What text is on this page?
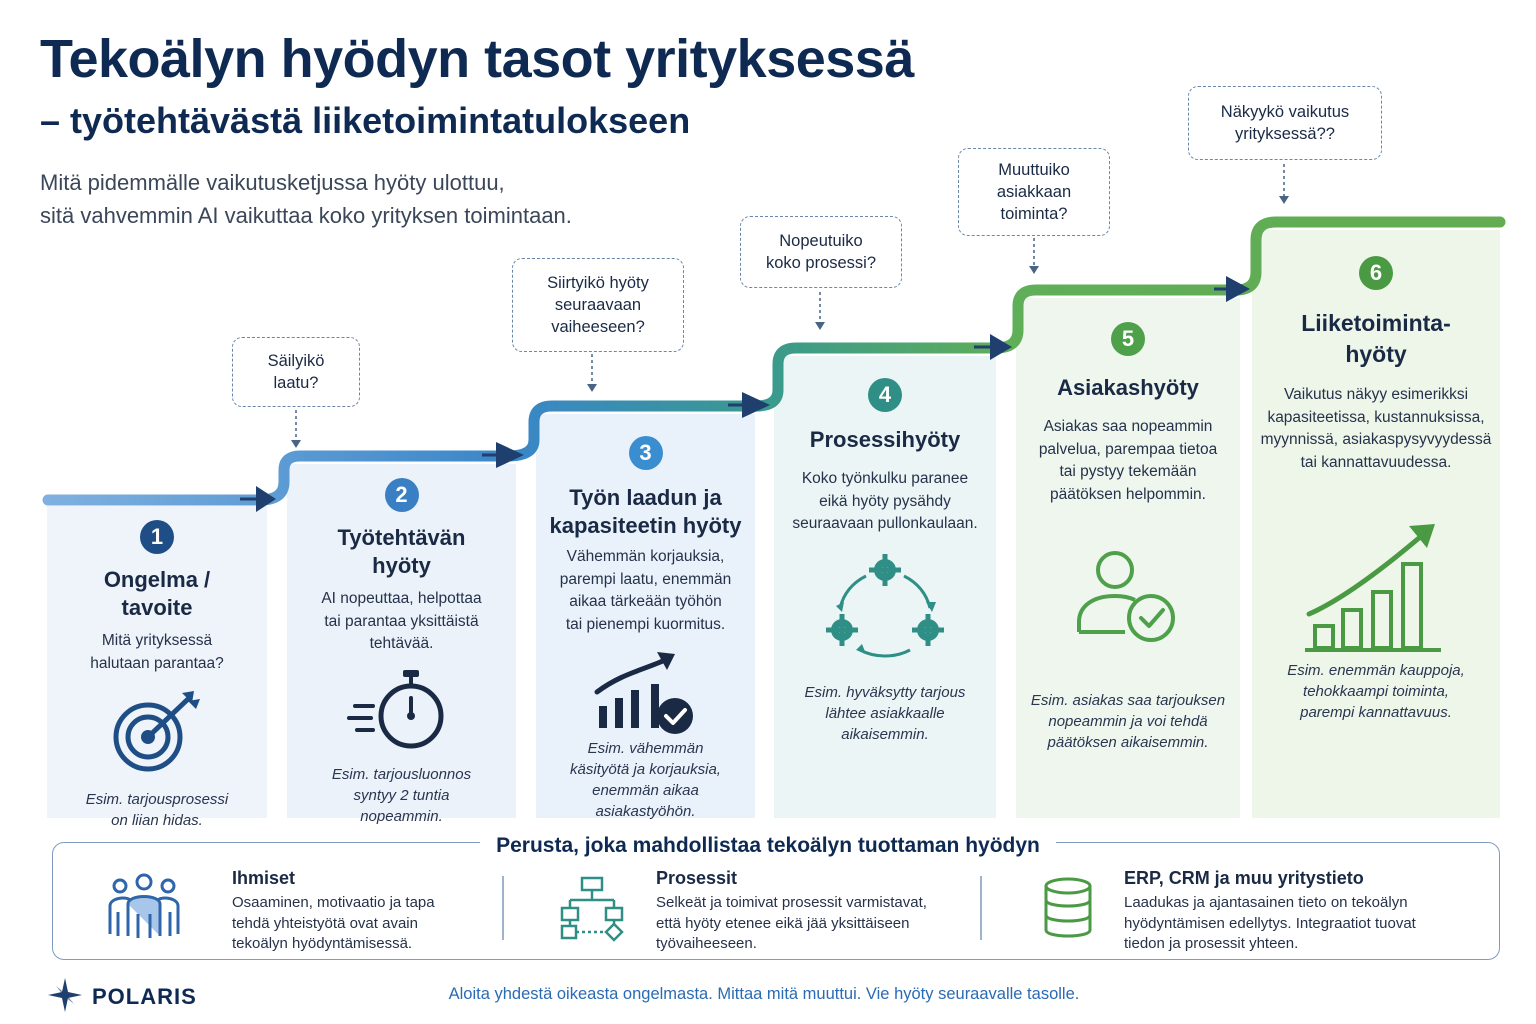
Tekoälyn hyödyn tasot yrityksessä
– työtehtävästä liiketoimintatulokseen
Mitä pidemmälle vaikutusketjussa hyöty ulottuu,
sitä vahvemmin AI vaikuttaa koko yrityksen toimintaan.
1
Ongelma /
tavoite
Mitä yrityksessä
halutaan parantaa?
Esim. tarjousprosessi
on liian hidas.
2
Työtehtävän
hyöty
AI nopeuttaa, helpottaa
tai parantaa yksittäistä
tehtävää.
Esim. tarjousluonnos
syntyy 2 tuntia
nopeammin.
3
Työn laadun ja
kapasiteetin hyöty
Vähemmän korjauksia,
parempi laatu, enemmän
aikaa tärkeään työhön
tai pienempi kuormitus.
Esim. vähemmän
käsityötä ja korjauksia,
enemmän aikaa
asiakastyöhön.
4
Prosessihyöty
Koko työnkulku paranee
eikä hyöty pysähdy
seuraavaan pullonkaulaan.
Esim. hyväksytty tarjous
lähtee asiakkaalle
aikaisemmin.
5
Asiakashyöty
Asiakas saa nopeammin
palvelua, parempaa tietoa
tai pystyy tekemään
päätöksen helpommin.
Esim. asiakas saa tarjouksen
nopeammin ja voi tehdä
päätöksen aikaisemmin.
6
Liiketoiminta-
hyöty
Vaikutus näkyy esimerikksi
kapasiteetissa, kustannuksissa,
myynnissä, asiakaspysyvyydessä
tai kannattavuudessa.
Esim. enemmän kauppoja,
tehokkaampi toiminta,
parempi kannattavuus.
Säilyikö
laatu?
Siirtyikö hyöty
seuraavaan
vaiheeseen?
Nopeutuiko
koko prosessi?
Muuttuiko
asiakkaan
toiminta?
Näkyykö vaikutus
yrityksessä??
Perusta, joka mahdollistaa tekoälyn tuottaman hyödyn
Ihmiset
Osaaminen, motivaatio ja tapa
tehdä yhteistyötä ovat avain
tekoälyn hyödyntämisessä.
Prosessit
Selkeät ja toimivat prosessit varmistavat,
että hyöty etenee eikä jää yksittäiseen
työvaiheeseen.
ERP, CRM ja muu yritystieto
Laadukas ja ajantasainen tieto on tekoälyn
hyödyntämisen edellytys. Integraatiot tuovat
tiedon ja prosessit yhteen.
POLARIS	Aloita yhdestä oikeasta ongelmasta. Mittaa mitä muuttui. Vie hyöty seuraavalle tasolle.
